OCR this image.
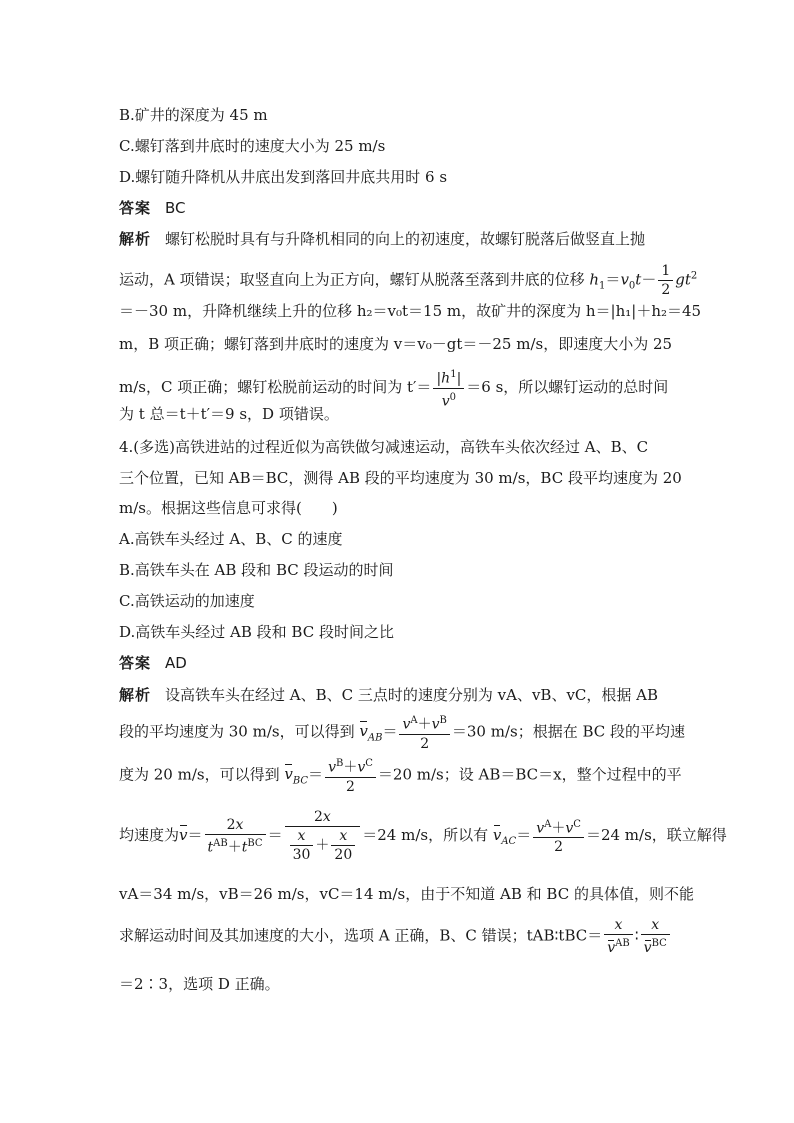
B.矿井的深度为 45 m
C.螺钉落到井底时的速度大小为 25 m/s
D.螺钉随升降机从井底出发到落回井底共用时 6 s
答案 BC
解析 螺钉松脱时具有与升降机相同的向上的初速度，故螺钉脱落后做竖直上抛
运动，A 项错误；取竖直向上为正方向，螺钉从脱落至落到井底的位移 $h_1=v_0t- \frac{1}{2} gt^2$
＝－30 m，升降机继续上升的位移 h₂＝v₀t＝15 m，故矿井的深度为 h＝|h₁|＋h₂＝45
m，B 项正确；螺钉落到井底时的速度为 v＝v₀－gt＝－25 m/s，即速度大小为 25
m/s，C 项正确；螺钉松脱前运动的时间为 $t'= \frac{|h^1|}{v^0} =6$ s，所以螺钉运动的总时间
为 t 总＝t＋t′＝9 s，D 项错误。
4.(多选)高铁进站的过程近似为高铁做匀减速运动，高铁车头依次经过 A、B、C
三个位置，已知 AB＝BC，测得 AB 段的平均速度为 30 m/s，BC 段平均速度为 20
m/s。根据这些信息可求得(　　)
A.高铁车头经过 A、B、C 的速度
B.高铁车头在 AB 段和 BC 段运动的时间
C.高铁运动的加速度
D.高铁车头经过 AB 段和 BC 段时间之比
答案 AD
解析 设高铁车头在经过 A、B、C 三点时的速度分别为 vA、vB、vC，根据 AB
段的平均速度为 30 m/s，可以得到 $v_{AB}= \frac{v^A+v^B}{2} =30$ m/s；根据在 BC 段的平均速
度为 20 m/s，可以得到 $v_{BC}= \frac{v^B+v^C}{2} =20$ m/s；设 AB＝BC＝x，整个过程中的平
均速度为$v= \frac{2x}{t^{AB}+t^{BC}} = \frac{2x}{\frac{x}{30} + \frac{x}{20}} =24$ m/s，所以有 $v_{AC}= \frac{v^A+v^C}{2} =24$ m/s，联立解得
vA＝34 m/s，vB＝26 m/s，vC＝14 m/s，由于不知道 AB 和 BC 的具体值，则不能
求解运动时间及其加速度的大小，选项 A 正确，B、C 错误；tAB∶tBC＝ $\frac{x}{v^{AB}}$ ∶ $\frac{x}{v^{BC}}$
＝2∶3，选项 D 正确。
